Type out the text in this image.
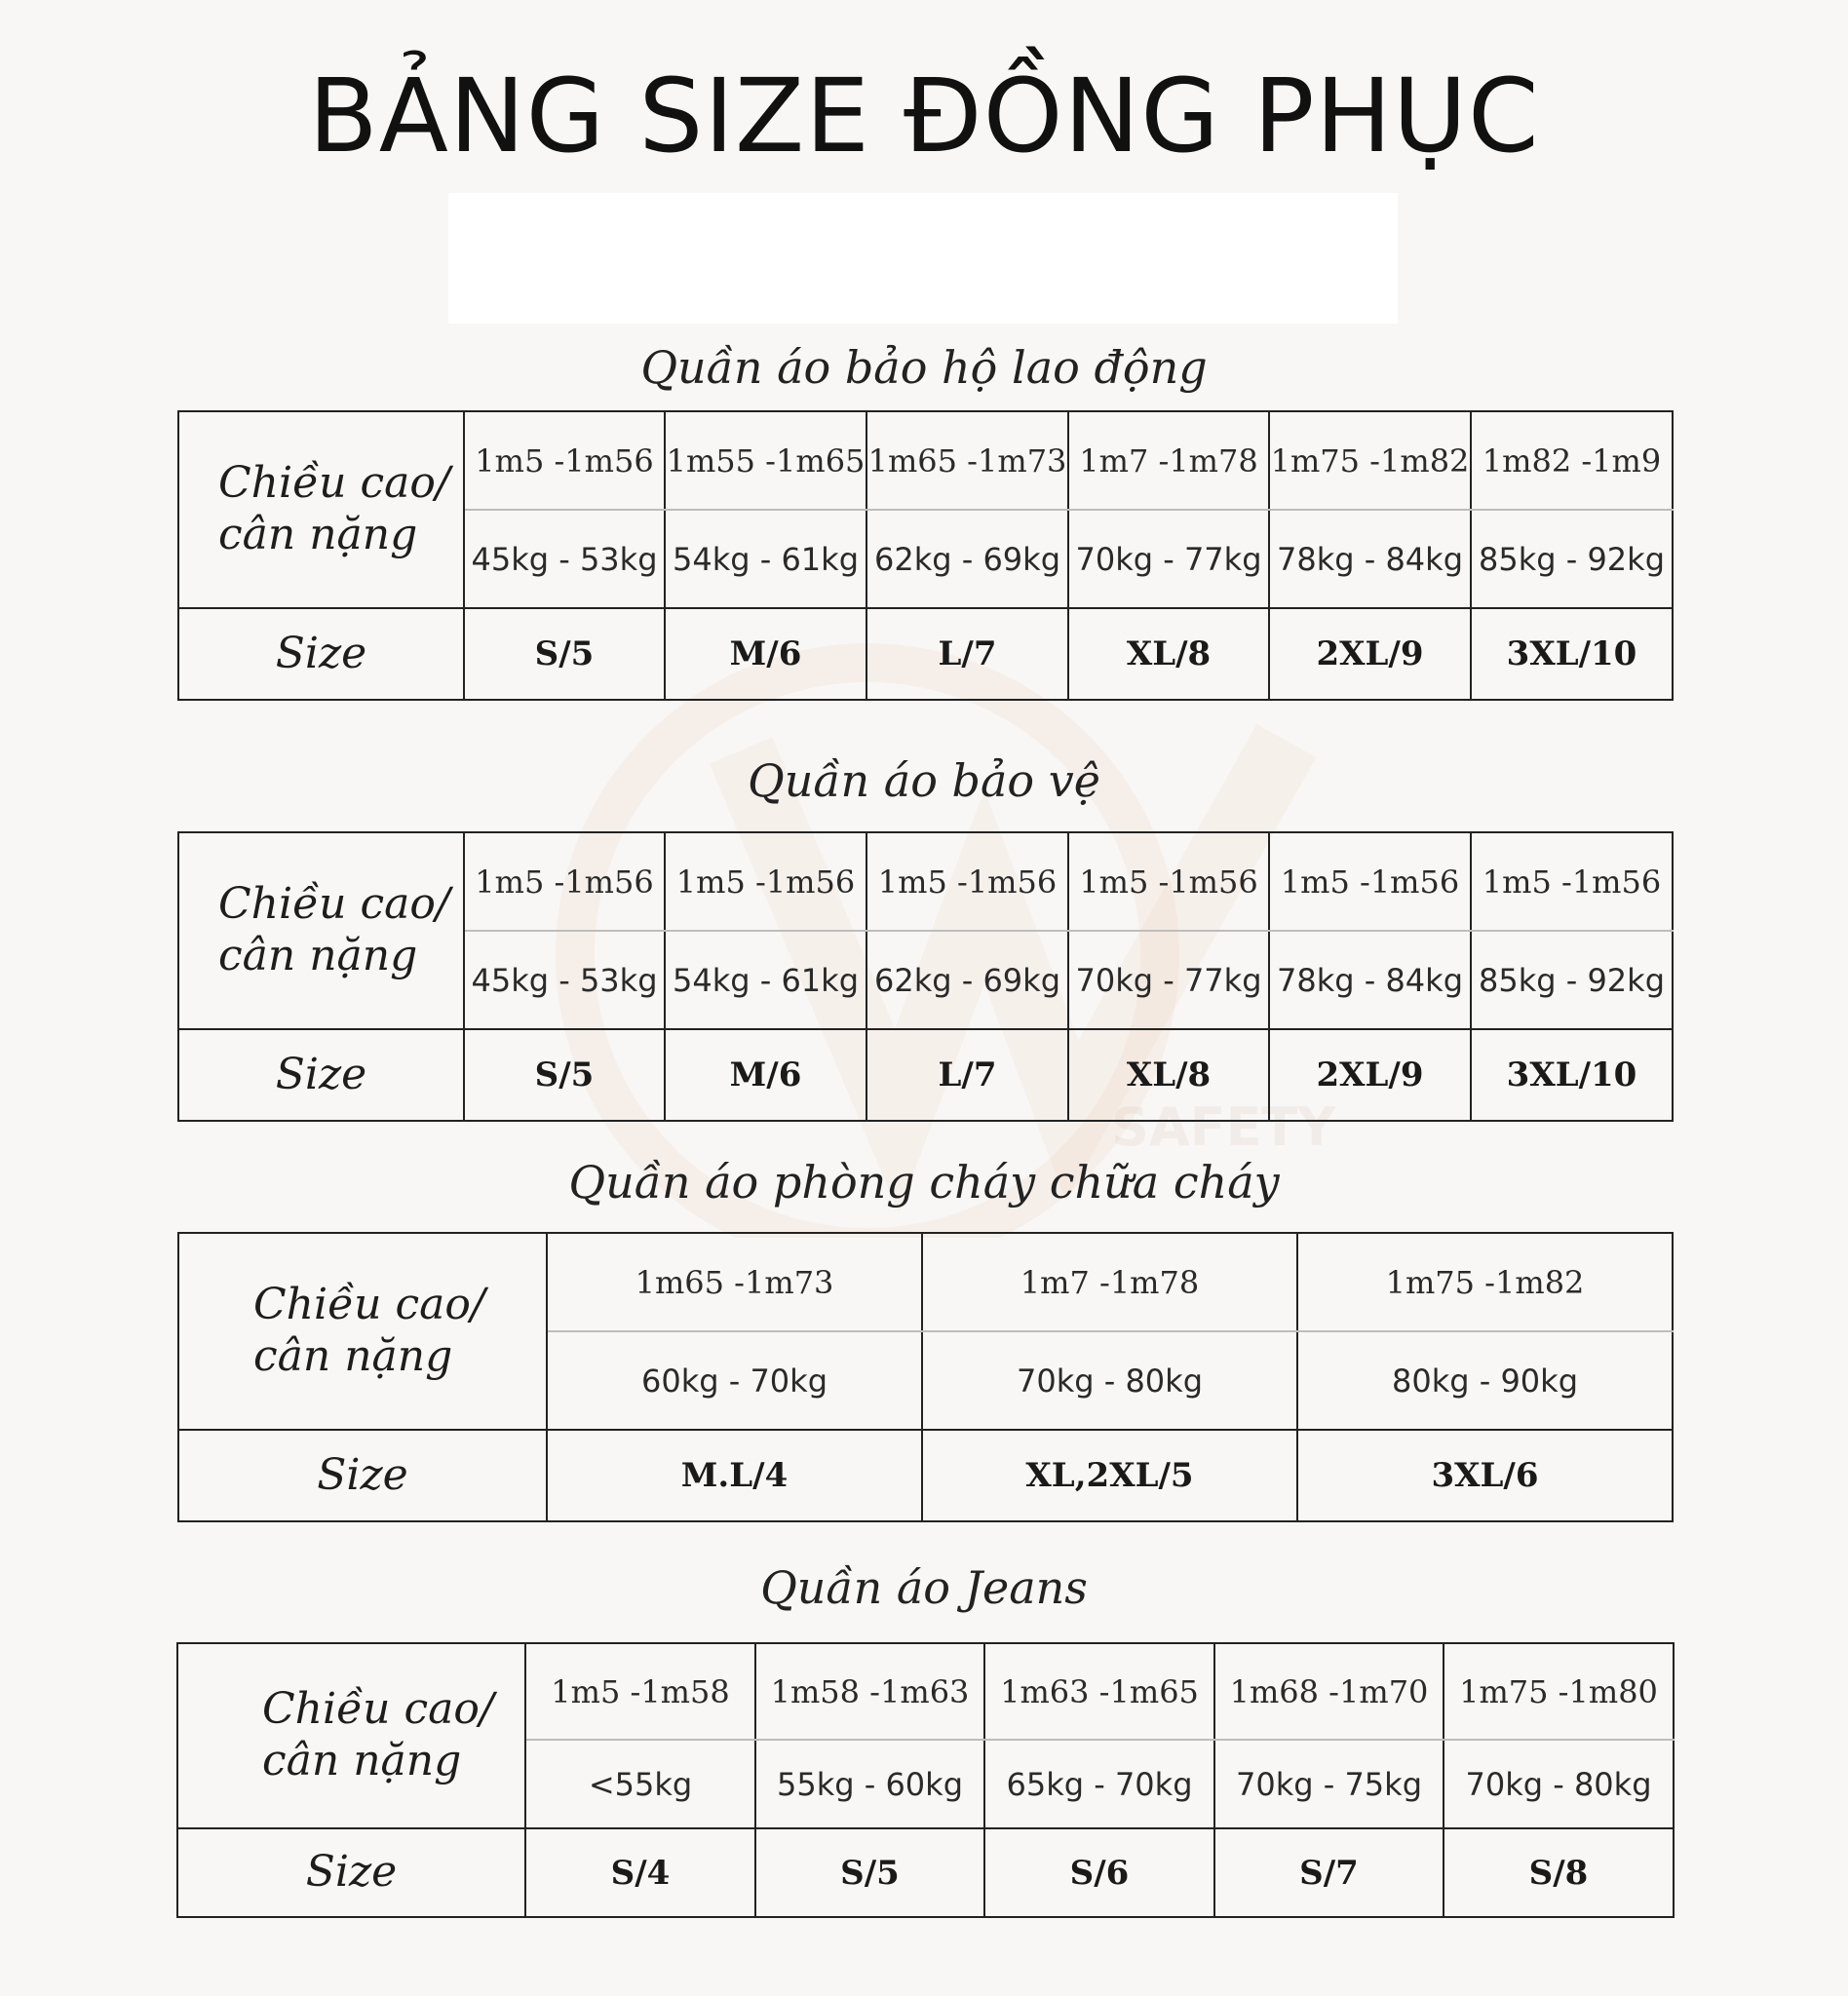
SAFETY
BẢNG SIZE ĐỒNG PHỤC
Quần áo bảo hộ lao động
Chiều cao/
cân nặng	1m5 -1m56	1m55 -1m65	1m65 -1m73	1m7 -1m78	1m75 -1m82	1m82 -1m9
	45kg - 53kg	54kg - 61kg	62kg - 69kg	70kg - 77kg	78kg - 84kg	85kg - 92kg
Size	S/5	M/6	L/7	XL/8	2XL/9	3XL/10
Quần áo bảo vệ
Chiều cao/
cân nặng	1m5 -1m56	1m5 -1m56	1m5 -1m56	1m5 -1m56	1m5 -1m56	1m5 -1m56
	45kg - 53kg	54kg - 61kg	62kg - 69kg	70kg - 77kg	78kg - 84kg	85kg - 92kg
Size	S/5	M/6	L/7	XL/8	2XL/9	3XL/10
Quần áo phòng cháy chữa cháy
Chiều cao/
cân nặng	1m65 -1m73	1m7 -1m78	1m75 -1m82
	60kg - 70kg	70kg - 80kg	80kg - 90kg
Size	M.L/4	XL,2XL/5	3XL/6
Quần áo Jeans
Chiều cao/
cân nặng	1m5 -1m58	1m58 -1m63	1m63 -1m65	1m68 -1m70	1m75 -1m80
	<55kg	55kg - 60kg	65kg - 70kg	70kg - 75kg	70kg - 80kg
Size	S/4	S/5	S/6	S/7	S/8
